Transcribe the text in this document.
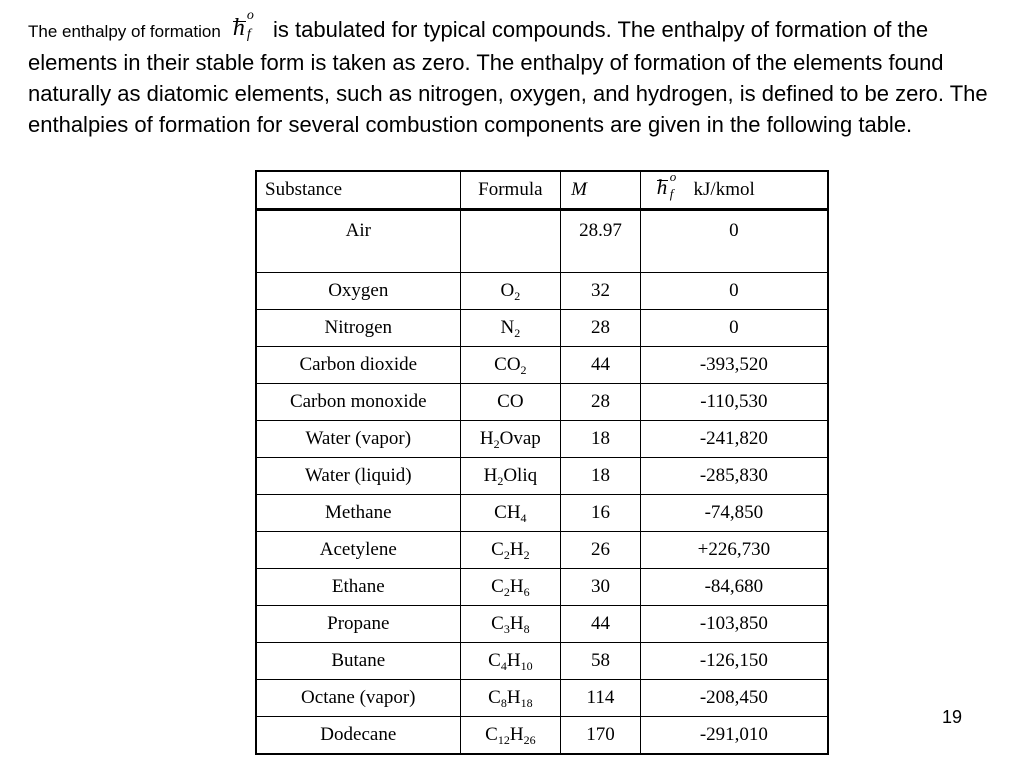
The enthalpy of formation h o
f is tabulated for typical compounds. The enthalpy of formation of the elements in their stable form is taken as zero. The enthalpy of formation of the elements found naturally as diatomic elements, such as nitrogen, oxygen, and hydrogen, is defined to be zero. The enthalpies of formation for several combustion components are given in the following table.

Substance	Formula	M	h o
f kJ/kmol
Air		28.97	0
Oxygen	$O_2$	32	0
Nitrogen	$N_2$	28	0
Carbon dioxide	$CO_2$	44	-393,520
Carbon monoxide	CO	28	-110,530
Water (vapor)	$H_2Ovap$	18	-241,820
Water (liquid)	$H_2Oliq$	18	-285,830
Methane	$CH_4$	16	-74,850
Acetylene	$C_2H_2$	26	+226,730
Ethane	$C_2H_6$	30	-84,680
Propane	$C_3H_8$	44	-103,850
Butane	$C_4H_{10}$	58	-126,150
Octane (vapor)	$C_8H_{18}$	114	-208,450
Dodecane	$C_{12}H_{26}$	170	-291,010
19
